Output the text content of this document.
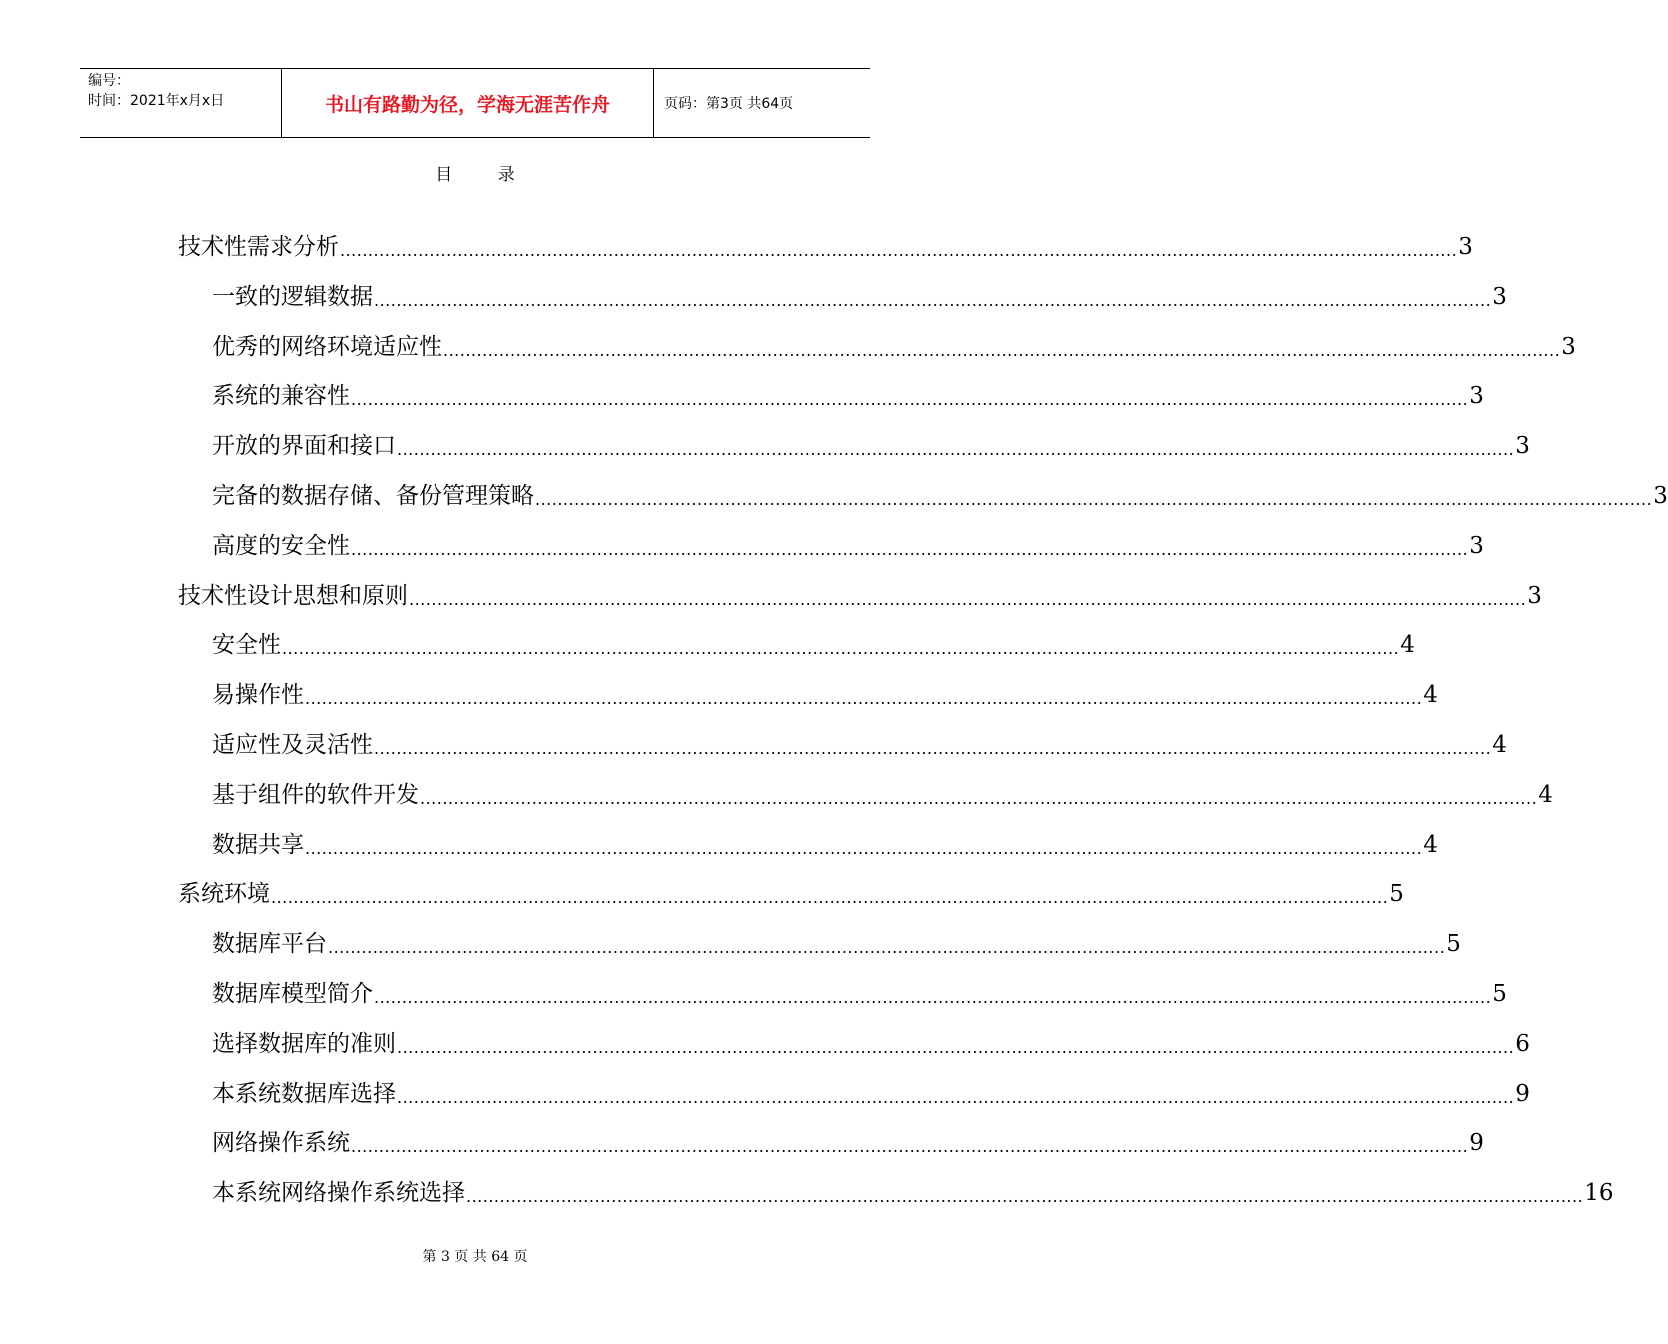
编号：
时间：2021年x月x日	书山有路勤为径，学海无涯苦作舟	页码：第3页 共64页
目	录
技术性需求分析 ........................................................................................................................................................................................................ 3
一致的逻辑数据 ........................................................................................................................................................................................................ 3
优秀的网络环境适应性 ........................................................................................................................................................................................................ 3
系统的兼容性 ........................................................................................................................................................................................................ 3
开放的界面和接口 ........................................................................................................................................................................................................ 3
完备的数据存储、备份管理策略 ........................................................................................................................................................................................................ 3
高度的安全性 ........................................................................................................................................................................................................ 3
技术性设计思想和原则 ........................................................................................................................................................................................................ 3
安全性 ........................................................................................................................................................................................................ 4
易操作性 ........................................................................................................................................................................................................ 4
适应性及灵活性 ........................................................................................................................................................................................................ 4
基于组件的软件开发 ........................................................................................................................................................................................................ 4
数据共享 ........................................................................................................................................................................................................ 4
系统环境 ........................................................................................................................................................................................................ 5
数据库平台 ........................................................................................................................................................................................................ 5
数据库模型简介 ........................................................................................................................................................................................................ 5
选择数据库的准则 ........................................................................................................................................................................................................ 6
本系统数据库选择 ........................................................................................................................................................................................................ 9
网络操作系统 ........................................................................................................................................................................................................ 9
本系统网络操作系统选择 ........................................................................................................................................................................................................ 16
第 3 页 共 64 页
